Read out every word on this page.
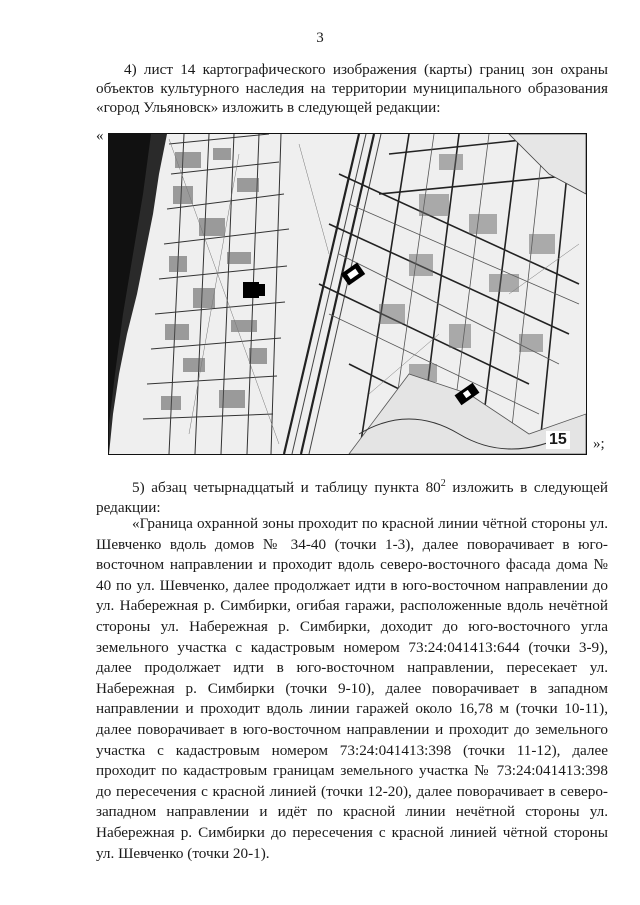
3

4) лист 14 картографического изображения (карты) границ зон охраны объектов культурного наследия на территории муниципального образования «город Ульяновск» изложить в следующей редакции:

«
15 »;

5) абзац четырнадцатый и таблицу пункта $80^2$ изложить в следующей редакции:

«Граница охранной зоны проходит по красной линии чётной стороны ул. Шевченко вдоль домов № 34-40 (точки 1-3), далее поворачивает в юго-восточном направлении и проходит вдоль северо-восточного фасада дома № 40 по ул. Шевченко, далее продолжает идти в юго-восточном направлении до ул. Набережная р. Симбирки, огибая гаражи, расположенные вдоль нечётной стороны ул. Набережная р. Симбирки, доходит до юго-восточного угла земельного участка с кадастровым номером 73:24:041413:644 (точки 3-9), далее продолжает идти в юго-восточном направлении, пересекает ул. Набережная р. Симбирки (точки 9-10), далее поворачивает в западном направлении и проходит вдоль линии гаражей около 16,78 м (точки 10-11), далее поворачивает в юго-восточном направлении и проходит до земельного участка с кадастровым номером 73:24:041413:398 (точки 11-12), далее проходит по кадастровым границам земельного участка № 73:24:041413:398 до пересечения с красной линией (точки 12-20), далее поворачивает в северо-западном направлении и идёт по красной линии нечётной стороны ул. Набережная р. Симбирки до пересечения с красной линией чётной стороны ул. Шевченко (точки 20-1).
